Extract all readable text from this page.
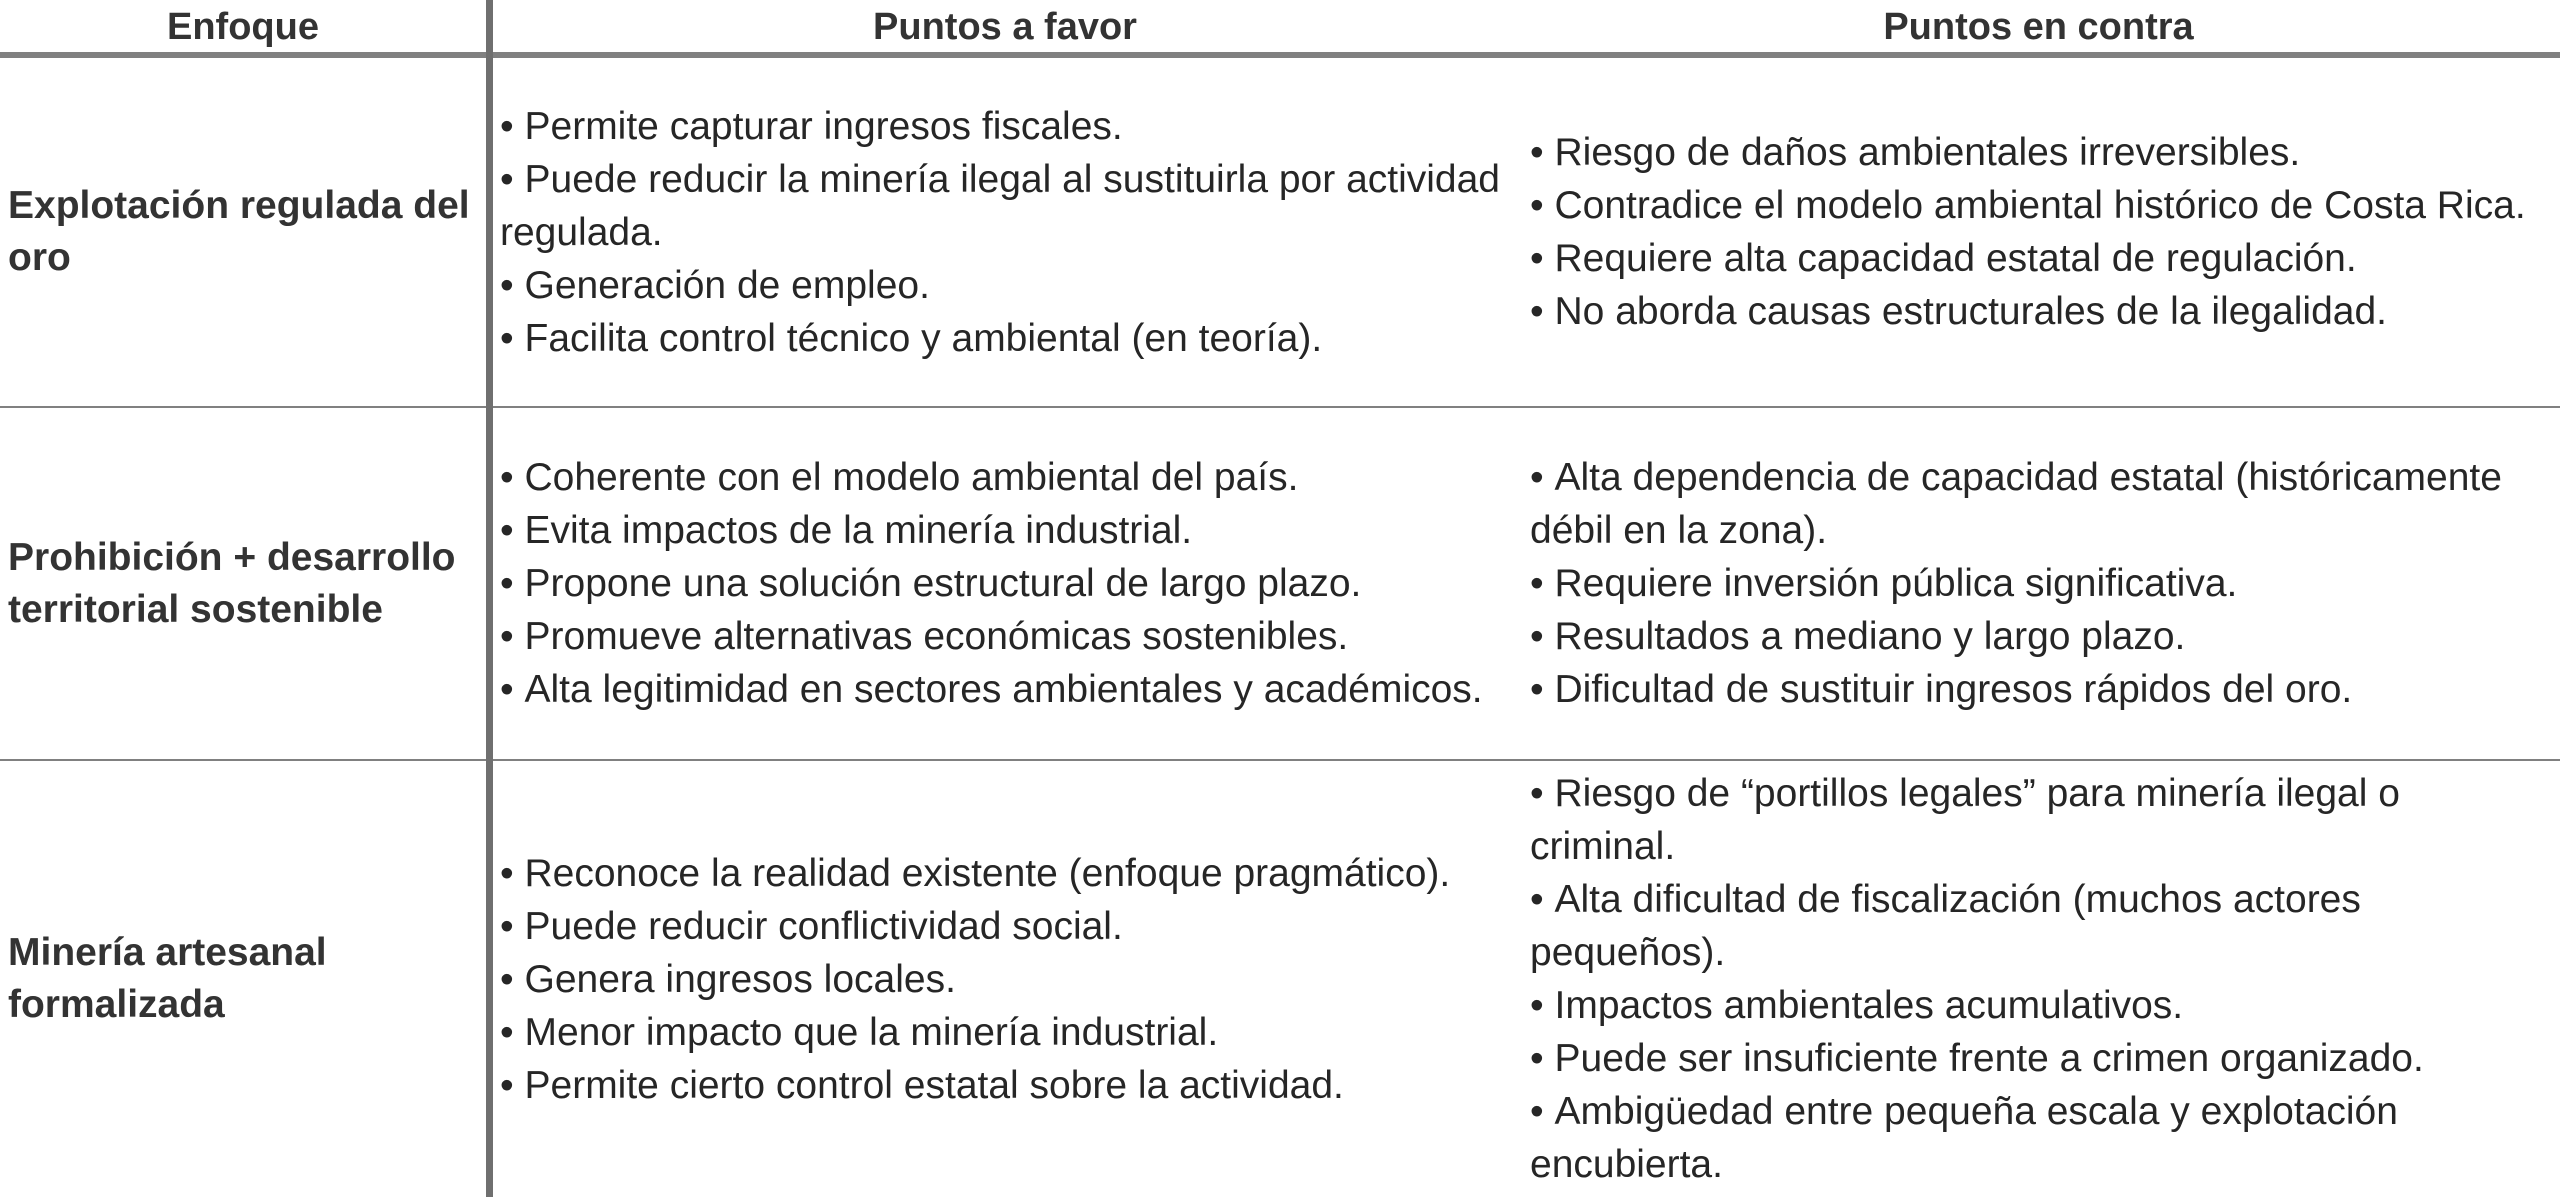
Enfoque	Puntos a favor	Puntos en contra
Explotación regulada del oro
• Permite capturar ingresos fiscales.
• Puede reducir la minería ilegal al sustituirla por actividad regulada.
• Generación de empleo.
• Facilita control técnico y ambiental (en teoría).
• Riesgo de daños ambientales irreversibles.
• Contradice el modelo ambiental histórico de Costa Rica.
• Requiere alta capacidad estatal de regulación.
• No aborda causas estructurales de la ilegalidad.
Prohibición + desarrollo territorial sostenible
• Coherente con el modelo ambiental del país.
• Evita impactos de la minería industrial.
• Propone una solución estructural de largo plazo.
• Promueve alternativas económicas sostenibles.
• Alta legitimidad en sectores ambientales y académicos.
• Alta dependencia de capacidad estatal (históricamente débil en la zona).
• Requiere inversión pública significativa.
• Resultados a mediano y largo plazo.
• Dificultad de sustituir ingresos rápidos del oro.
Minería artesanal formalizada
• Reconoce la realidad existente (enfoque pragmático).
• Puede reducir conflictividad social.
• Genera ingresos locales.
• Menor impacto que la minería industrial.
• Permite cierto control estatal sobre la actividad.
• Riesgo de “portillos legales” para minería ilegal o criminal.
• Alta dificultad de fiscalización (muchos actores pequeños).
• Impactos ambientales acumulativos.
• Puede ser insuficiente frente a crimen organizado.
• Ambigüedad entre pequeña escala y explotación encubierta.
